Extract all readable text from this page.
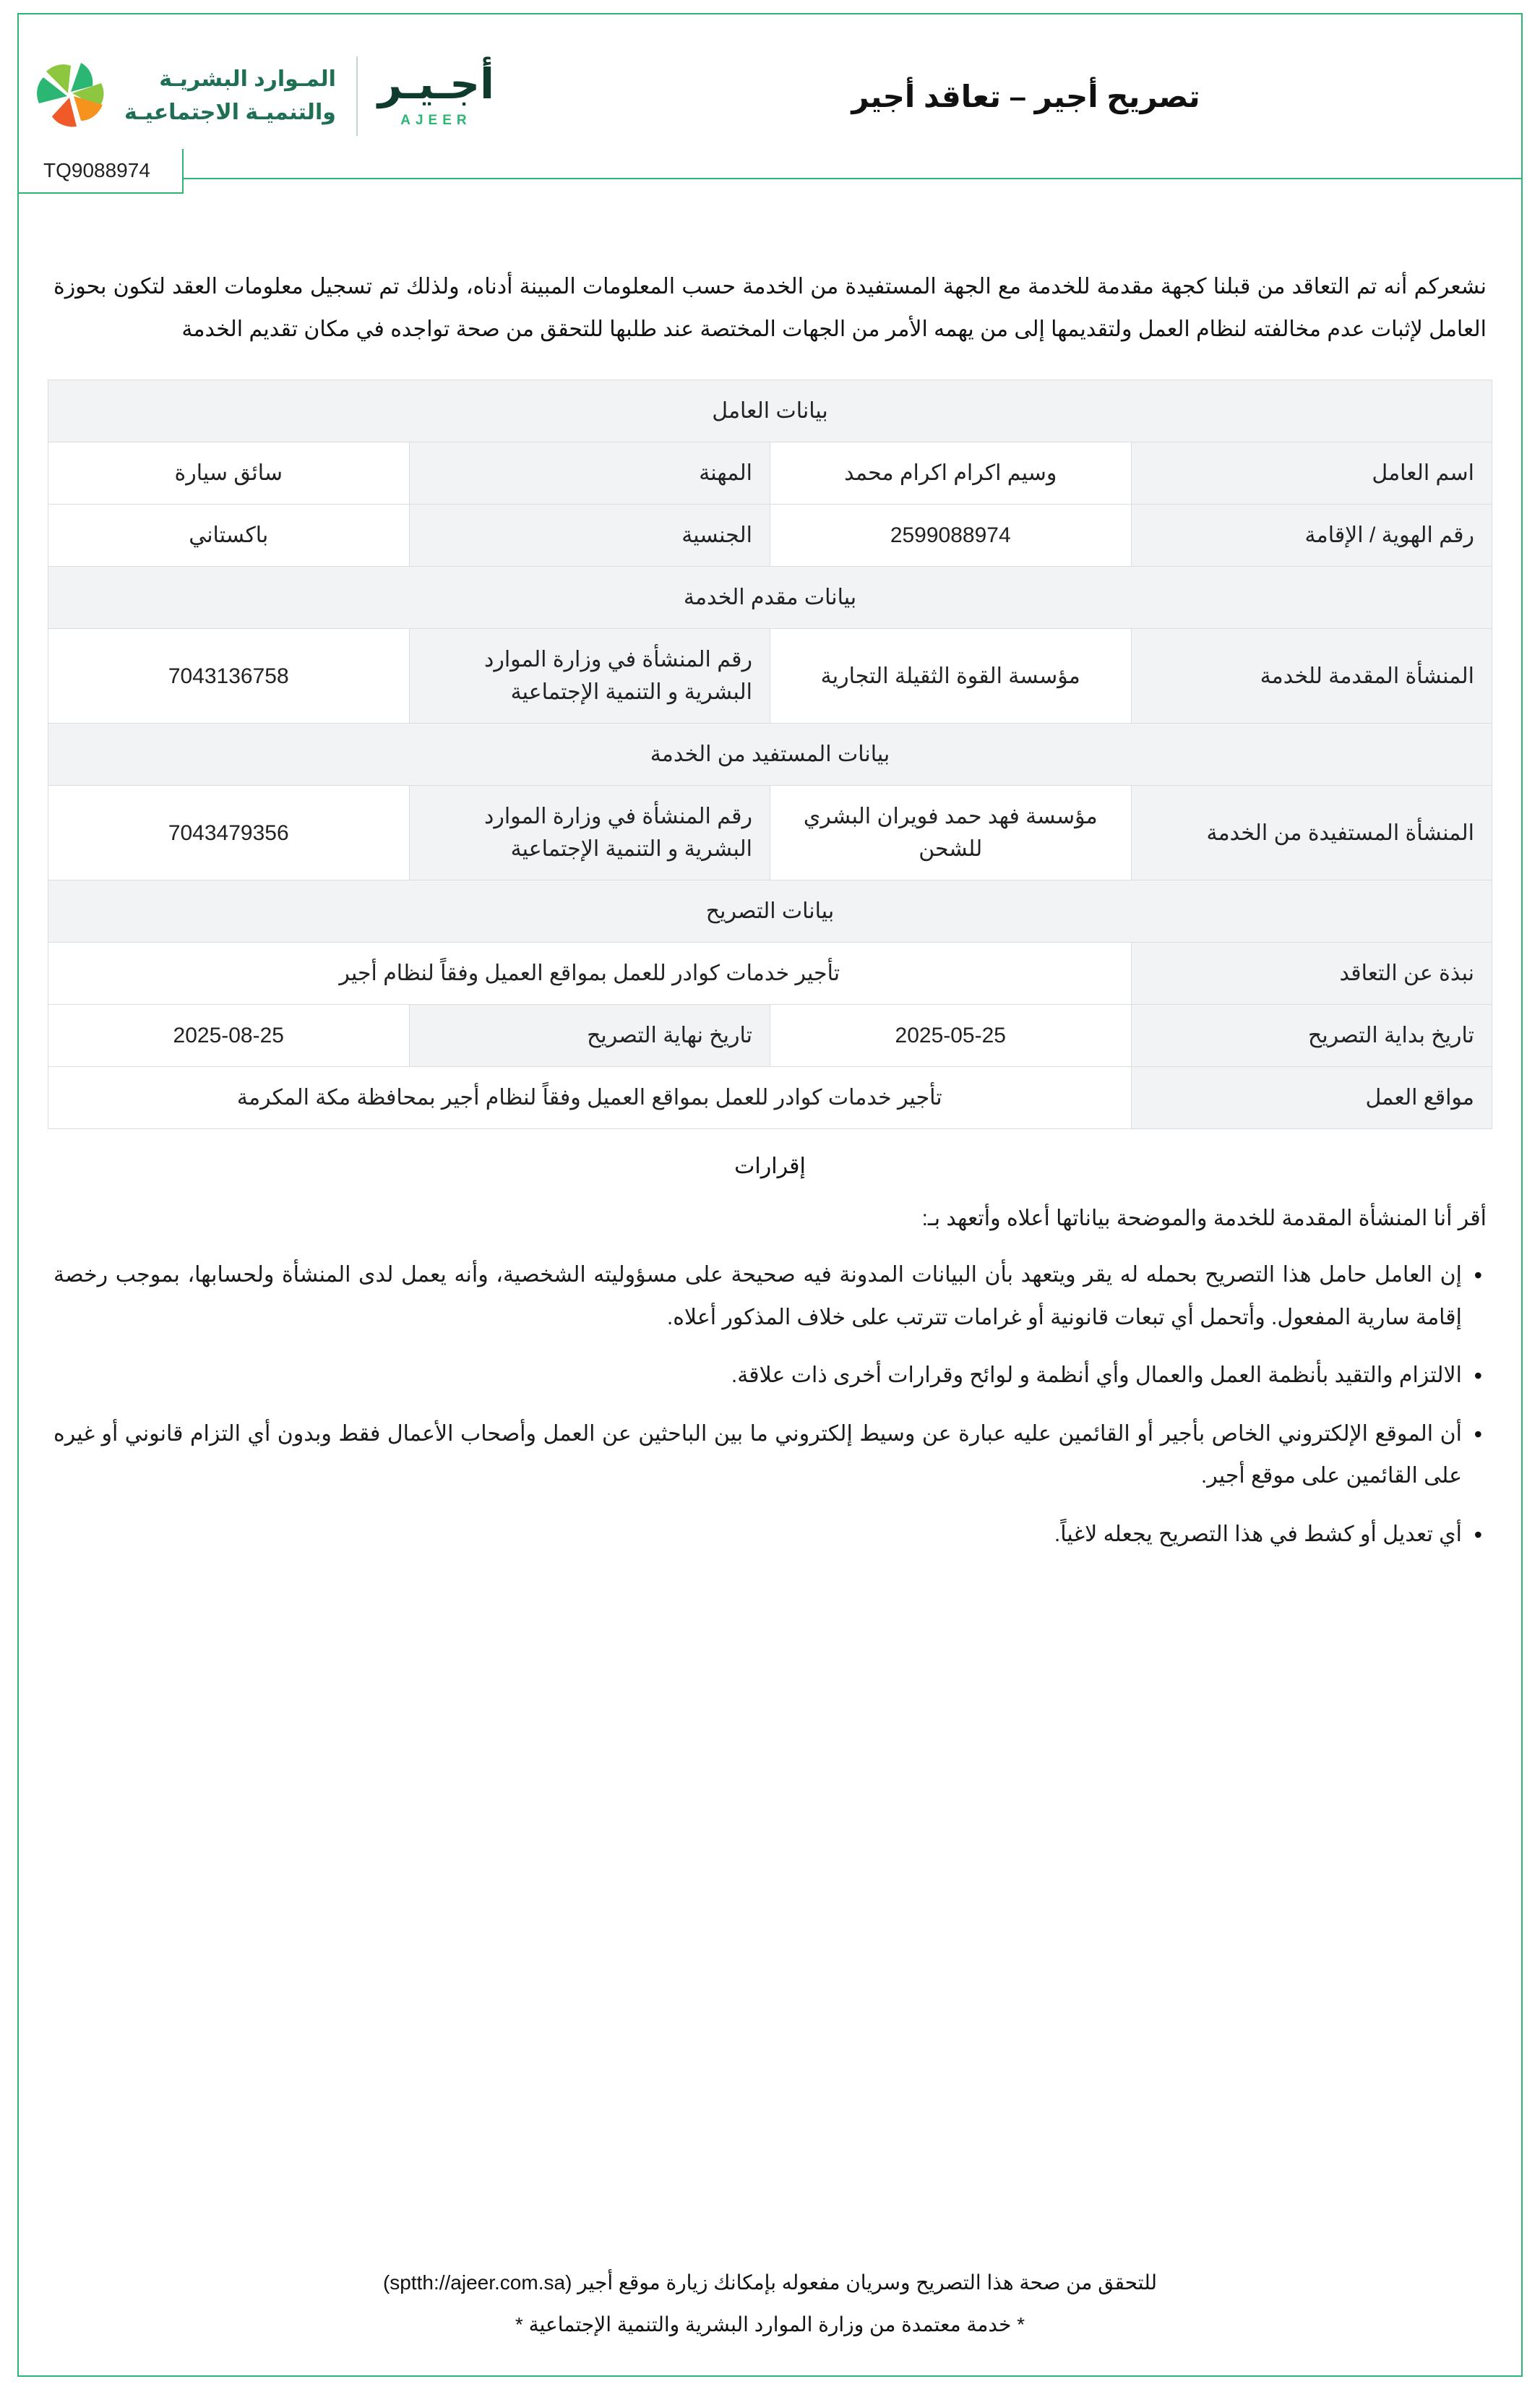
المـوارد البشريـة
والتنميـة الاجتماعيـة
أجـيـر
AJEER
تصريح أجير – تعاقد أجير
TQ9088974
نشعركم أنه تم التعاقد من قبلنا كجهة مقدمة للخدمة مع الجهة المستفيدة من الخدمة حسب المعلومات المبينة أدناه، ولذلك تم تسجيل معلومات العقد لتكون بحوزة العامل لإثبات عدم مخالفته لنظام العمل ولتقديمها إلى من يهمه الأمر من الجهات المختصة عند طلبها للتحقق من صحة تواجده في مكان تقديم الخدمة
بيانات العامل			
اسم العامل	وسيم اكرام اكرام محمد	المهنة	سائق سيارة
رقم الهوية / الإقامة	2599088974	الجنسية	باكستاني
بيانات مقدم الخدمة			
المنشأة المقدمة للخدمة	مؤسسة القوة الثقيلة التجارية	رقم المنشأة في وزارة الموارد البشرية و التنمية الإجتماعية	7043136758
بيانات المستفيد من الخدمة			
المنشأة المستفيدة من الخدمة	مؤسسة فهد حمد فويران البشري للشحن	رقم المنشأة في وزارة الموارد البشرية و التنمية الإجتماعية	7043479356
بيانات التصريح			
نبذة عن التعاقد	تأجير خدمات كوادر للعمل بمواقع العميل وفقاً لنظام أجير		
تاريخ بداية التصريح	2025-05-25	تاريخ نهاية التصريح	2025-08-25
مواقع العمل	تأجير خدمات كوادر للعمل بمواقع العميل وفقاً لنظام أجير بمحافظة مكة المكرمة		
إقرارات
أقر أنا المنشأة المقدمة للخدمة والموضحة بياناتها أعلاه وأتعهد بـ:
• إن العامل حامل هذا التصريح بحمله له يقر ويتعهد بأن البيانات المدونة فيه صحيحة على مسؤوليته الشخصية، وأنه يعمل لدى المنشأة ولحسابها، بموجب رخصة إقامة سارية المفعول. وأتحمل أي تبعات قانونية أو غرامات تترتب على خلاف المذكور أعلاه.
• الالتزام والتقيد بأنظمة العمل والعمال وأي أنظمة و لوائح وقرارات أخرى ذات علاقة.
• أن الموقع الإلكتروني الخاص بأجير أو القائمين عليه عبارة عن وسيط إلكتروني ما بين الباحثين عن العمل وأصحاب الأعمال فقط وبدون أي التزام قانوني أو غيره على القائمين على موقع أجير.
• أي تعديل أو كشط في هذا التصريح يجعله لاغياً.
للتحقق من صحة هذا التصريح وسريان مفعوله بإمكانك زيارة موقع أجير (sptth://ajeer.com.sa)
* خدمة معتمدة من وزارة الموارد البشرية والتنمية الإجتماعية *
